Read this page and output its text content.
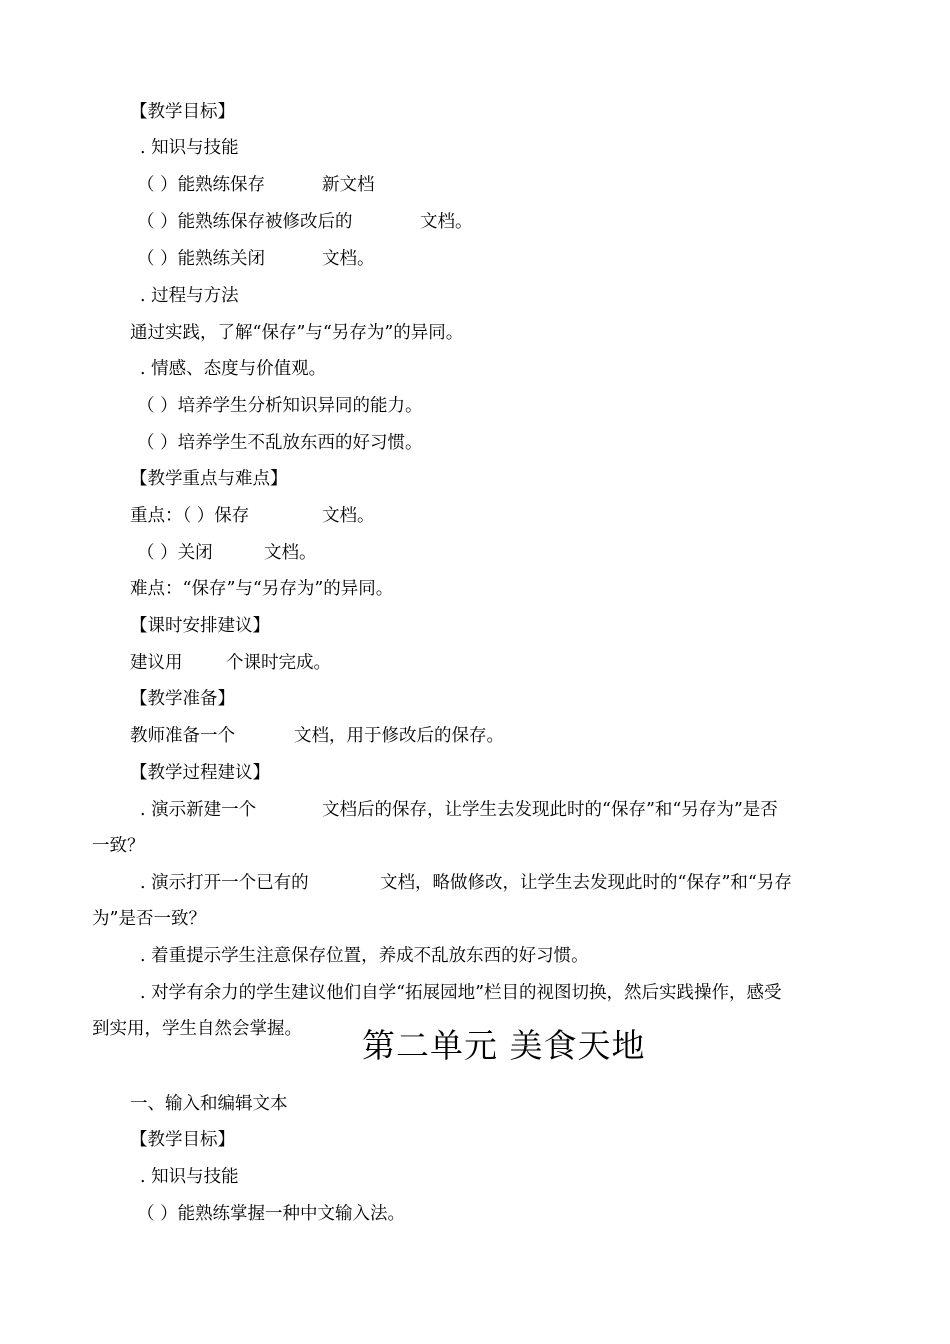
【教学目标】
. 知识与技能
（ ）能熟练保存	新文档
（ ）能熟练保存被修改后的	文档。
（ ）能熟练关闭	文档。
. 过程与方法
通过实践，了解“保存”与“另存为”的异同。
. 情感、态度与价值观。
（ ）培养学生分析知识异同的能力。
（ ）培养学生不乱放东西的好习惯。
【教学重点与难点】
重点：（ ）保存	文档。
（ ）关闭	文档。
难点：“保存”与“另存为”的异同。
【课时安排建议】
建议用 个课时完成。
【教学准备】
教师准备一个	文档，用于修改后的保存。
【教学过程建议】
. 演示新建一个	文档后的保存，让学生去发现此时的“保存”和“另存为”是否
一致？
. 演示打开一个已有的	文档，略做修改，让学生去发现此时的“保存”和“另存
为”是否一致？
. 着重提示学生注意保存位置，养成不乱放东西的好习惯。
. 对学有余力的学生建议他们自学“拓展园地”栏目的视图切换，然后实践操作，感受
到实用，学生自然会掌握。 第二单元 美食天地
一、输入和编辑文本
【教学目标】
. 知识与技能
（ ）能熟练掌握一种中文输入法。
